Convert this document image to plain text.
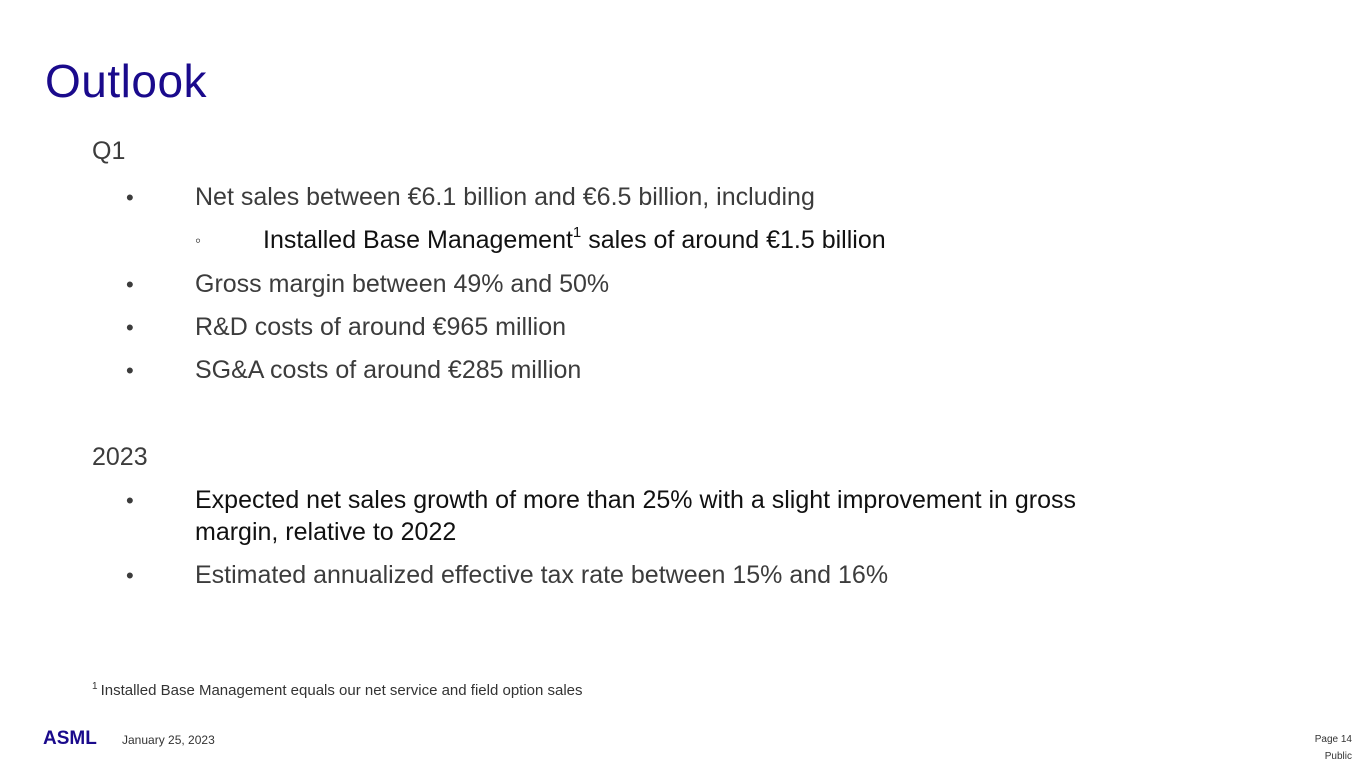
Outlook
Q1
• Net sales between €6.1 billion and €6.5 billion, including
◦ Installed Base Management$^1$ sales of around €1.5 billion
• Gross margin between 49% and 50%
• R&D costs of around €965 million
• SG&A costs of around €285 million
2023
• Expected net sales growth of more than 25% with a slight improvement in gross margin, relative to 2022
• Estimated annualized effective tax rate between 15% and 16%
$^1$ Installed Base Management equals our net service and field option sales
ASML January 25, 2023	Page 14
Public
